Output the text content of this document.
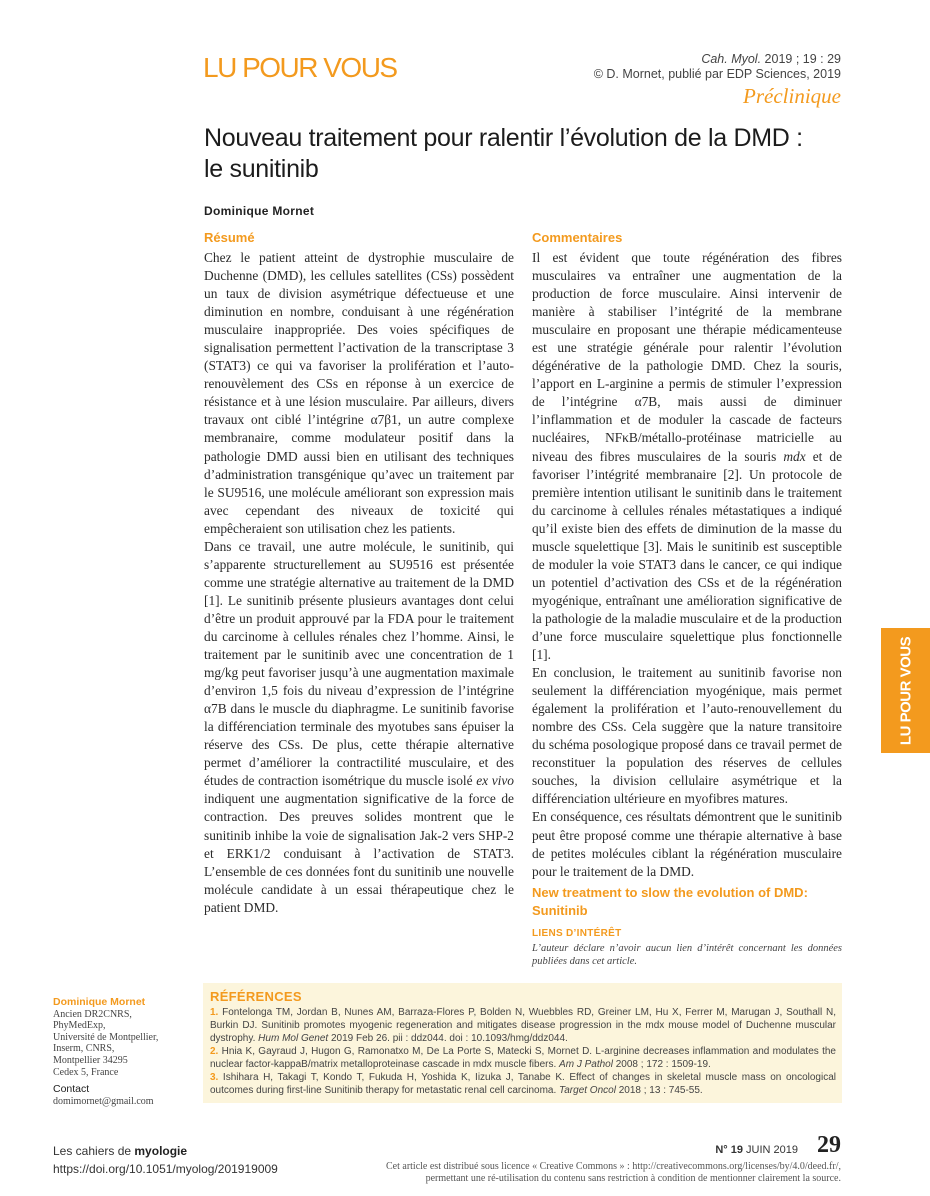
LU POUR VOUS	Cah. Myol. 2019 ; 19 : 29
© D. Mornet, publié par EDP Sciences, 2019
Préclinique
Nouveau traitement pour ralentir l’évolution de la DMD :
le sunitinib
Dominique Mornet
Résumé

Chez le patient atteint de dystrophie musculaire de Duchenne (DMD), les cellules satellites (CSs) possèdent un taux de division asymétrique défectueuse et une diminution en nombre, conduisant à une régénération musculaire inappropriée. Des voies spécifiques de signalisation permettent l’activation de la transcriptase 3 (STAT3) ce qui va favoriser la prolifération et l’auto-renouvèlement des CSs en réponse à un exercice de résistance et à une lésion musculaire. Par ailleurs, divers travaux ont ciblé l’intégrine α7β1, un autre complexe membranaire, comme modulateur positif dans la pathologie DMD aussi bien en utilisant des techniques d’administration transgénique qu’avec un traitement par le SU9516, une molécule améliorant son expression mais avec cependant des niveaux de toxicité qui empêcheraient son utilisation chez les patients.

Dans ce travail, une autre molécule, le sunitinib, qui s’apparente structurellement au SU9516 est présentée comme une stratégie alternative au traitement de la DMD [1]. Le sunitinib présente plusieurs avantages dont celui d’être un produit approuvé par la FDA pour le traitement du carcinome à cellules rénales chez l’homme. Ainsi, le traitement par le sunitinib avec une concentration de 1 mg/kg peut favoriser jusqu’à une augmentation maximale d’environ 1,5 fois du niveau d’expression de l’intégrine α7B dans le muscle du diaphragme. Le sunitinib favorise la différenciation terminale des myotubes sans épuiser la réserve des CSs. De plus, cette thérapie alternative permet d’améliorer la contractilité musculaire, et des études de contraction isométrique du muscle isolé ex vivo indiquent une augmentation significative de la force de contraction. Des preuves solides montrent que le sunitinib inhibe la voie de signalisation Jak-2 vers SHP-2 et ERK1/2 conduisant à l’activation de STAT3. L’ensemble de ces données font du sunitinib une nouvelle molécule candidate à un essai thérapeutique chez le patient DMD.

Commentaires

Il est évident que toute régénération des fibres musculaires va entraîner une augmentation de la production de force musculaire. Ainsi intervenir de manière à stabiliser l’intégrité de la membrane musculaire en proposant une thérapie médicamenteuse est une stratégie générale pour ralentir l’évolution dégénérative de la pathologie DMD. Chez la souris, l’apport en L-arginine a permis de stimuler l’expression de l’intégrine α7B, mais aussi de diminuer l’inflammation et de moduler la cascade de facteurs nucléaires, NFκB/métallo-protéinase matricielle au niveau des fibres musculaires de la souris mdx et de favoriser l’intégrité membranaire [2]. Un protocole de première intention utilisant le sunitinib dans le traitement du carcinome à cellules rénales métastatiques a indiqué qu’il existe bien des effets de diminution de la masse du muscle squelettique [3]. Mais le sunitinib est susceptible de moduler la voie STAT3 dans le cancer, ce qui indique un potentiel d’activation des CSs et de la régénération myogénique, entraînant une amélioration significative de la pathologie de la maladie musculaire et de la production d’une force musculaire squelettique plus fonctionnelle [1].

En conclusion, le traitement au sunitinib favorise non seulement la différenciation myogénique, mais permet également la prolifération et l’auto-renouvellement du nombre des CSs. Cela suggère que la nature transitoire du schéma posologique proposé dans ce travail permet de reconstituer la population des réserves de cellules souches, la division cellulaire asymétrique et la différenciation ultérieure en myofibres matures.

En conséquence, ces résultats démontrent que le sunitinib peut être proposé comme une thérapie alternative à base de petites molécules ciblant la régénération musculaire pour le traitement de la DMD.

New treatment to slow the evolution of DMD:
Sunitinib
LIENS D’INTÉRÊT
L’auteur déclare n’avoir aucun lien d’intérêt concernant les données publiées dans cet article.
LU POUR VOUS
RÉFÉRENCES

1. Fontelonga TM, Jordan B, Nunes AM, Barraza-Flores P, Bolden N, Wuebbles RD, Greiner LM, Hu X, Ferrer M, Marugan J, Southall N, Burkin DJ. Sunitinib promotes myogenic regeneration and mitigates disease progression in the mdx mouse model of Duchenne muscular dystrophy. Hum Mol Genet 2019 Feb 26. pii : ddz044. doi : 10.1093/hmg/ddz044.

2. Hnia K, Gayraud J, Hugon G, Ramonatxo M, De La Porte S, Matecki S, Mornet D. L-arginine decreases inflammation and modulates the nuclear factor-kappaB/matrix metalloproteinase cascade in mdx muscle fibers. Am J Pathol 2008 ; 172 : 1509-19.

3. Ishihara H, Takagi T, Kondo T, Fukuda H, Yoshida K, Iizuka J, Tanabe K. Effect of changes in skeletal muscle mass on oncological outcomes during first-line Sunitinib therapy for metastatic renal cell carcinoma. Target Oncol 2018 ; 13 : 745-55.

Dominique Mornet
Ancien DR2CNRS,
PhyMedExp,
Université de Montpellier,
Inserm, CNRS,
Montpellier 34295
Cedex 5, France
Contact
domimornet@gmail.com
Les cahiers de myologie
https://doi.org/10.1051/myolog/201919009
N° 19 JUIN 2019 29
Cet article est distribué sous licence « Creative Commons » : http://creativecommons.org/licenses/by/4.0/deed.fr/,
permettant une ré-utilisation du contenu sans restriction à condition de mentionner clairement la source.
